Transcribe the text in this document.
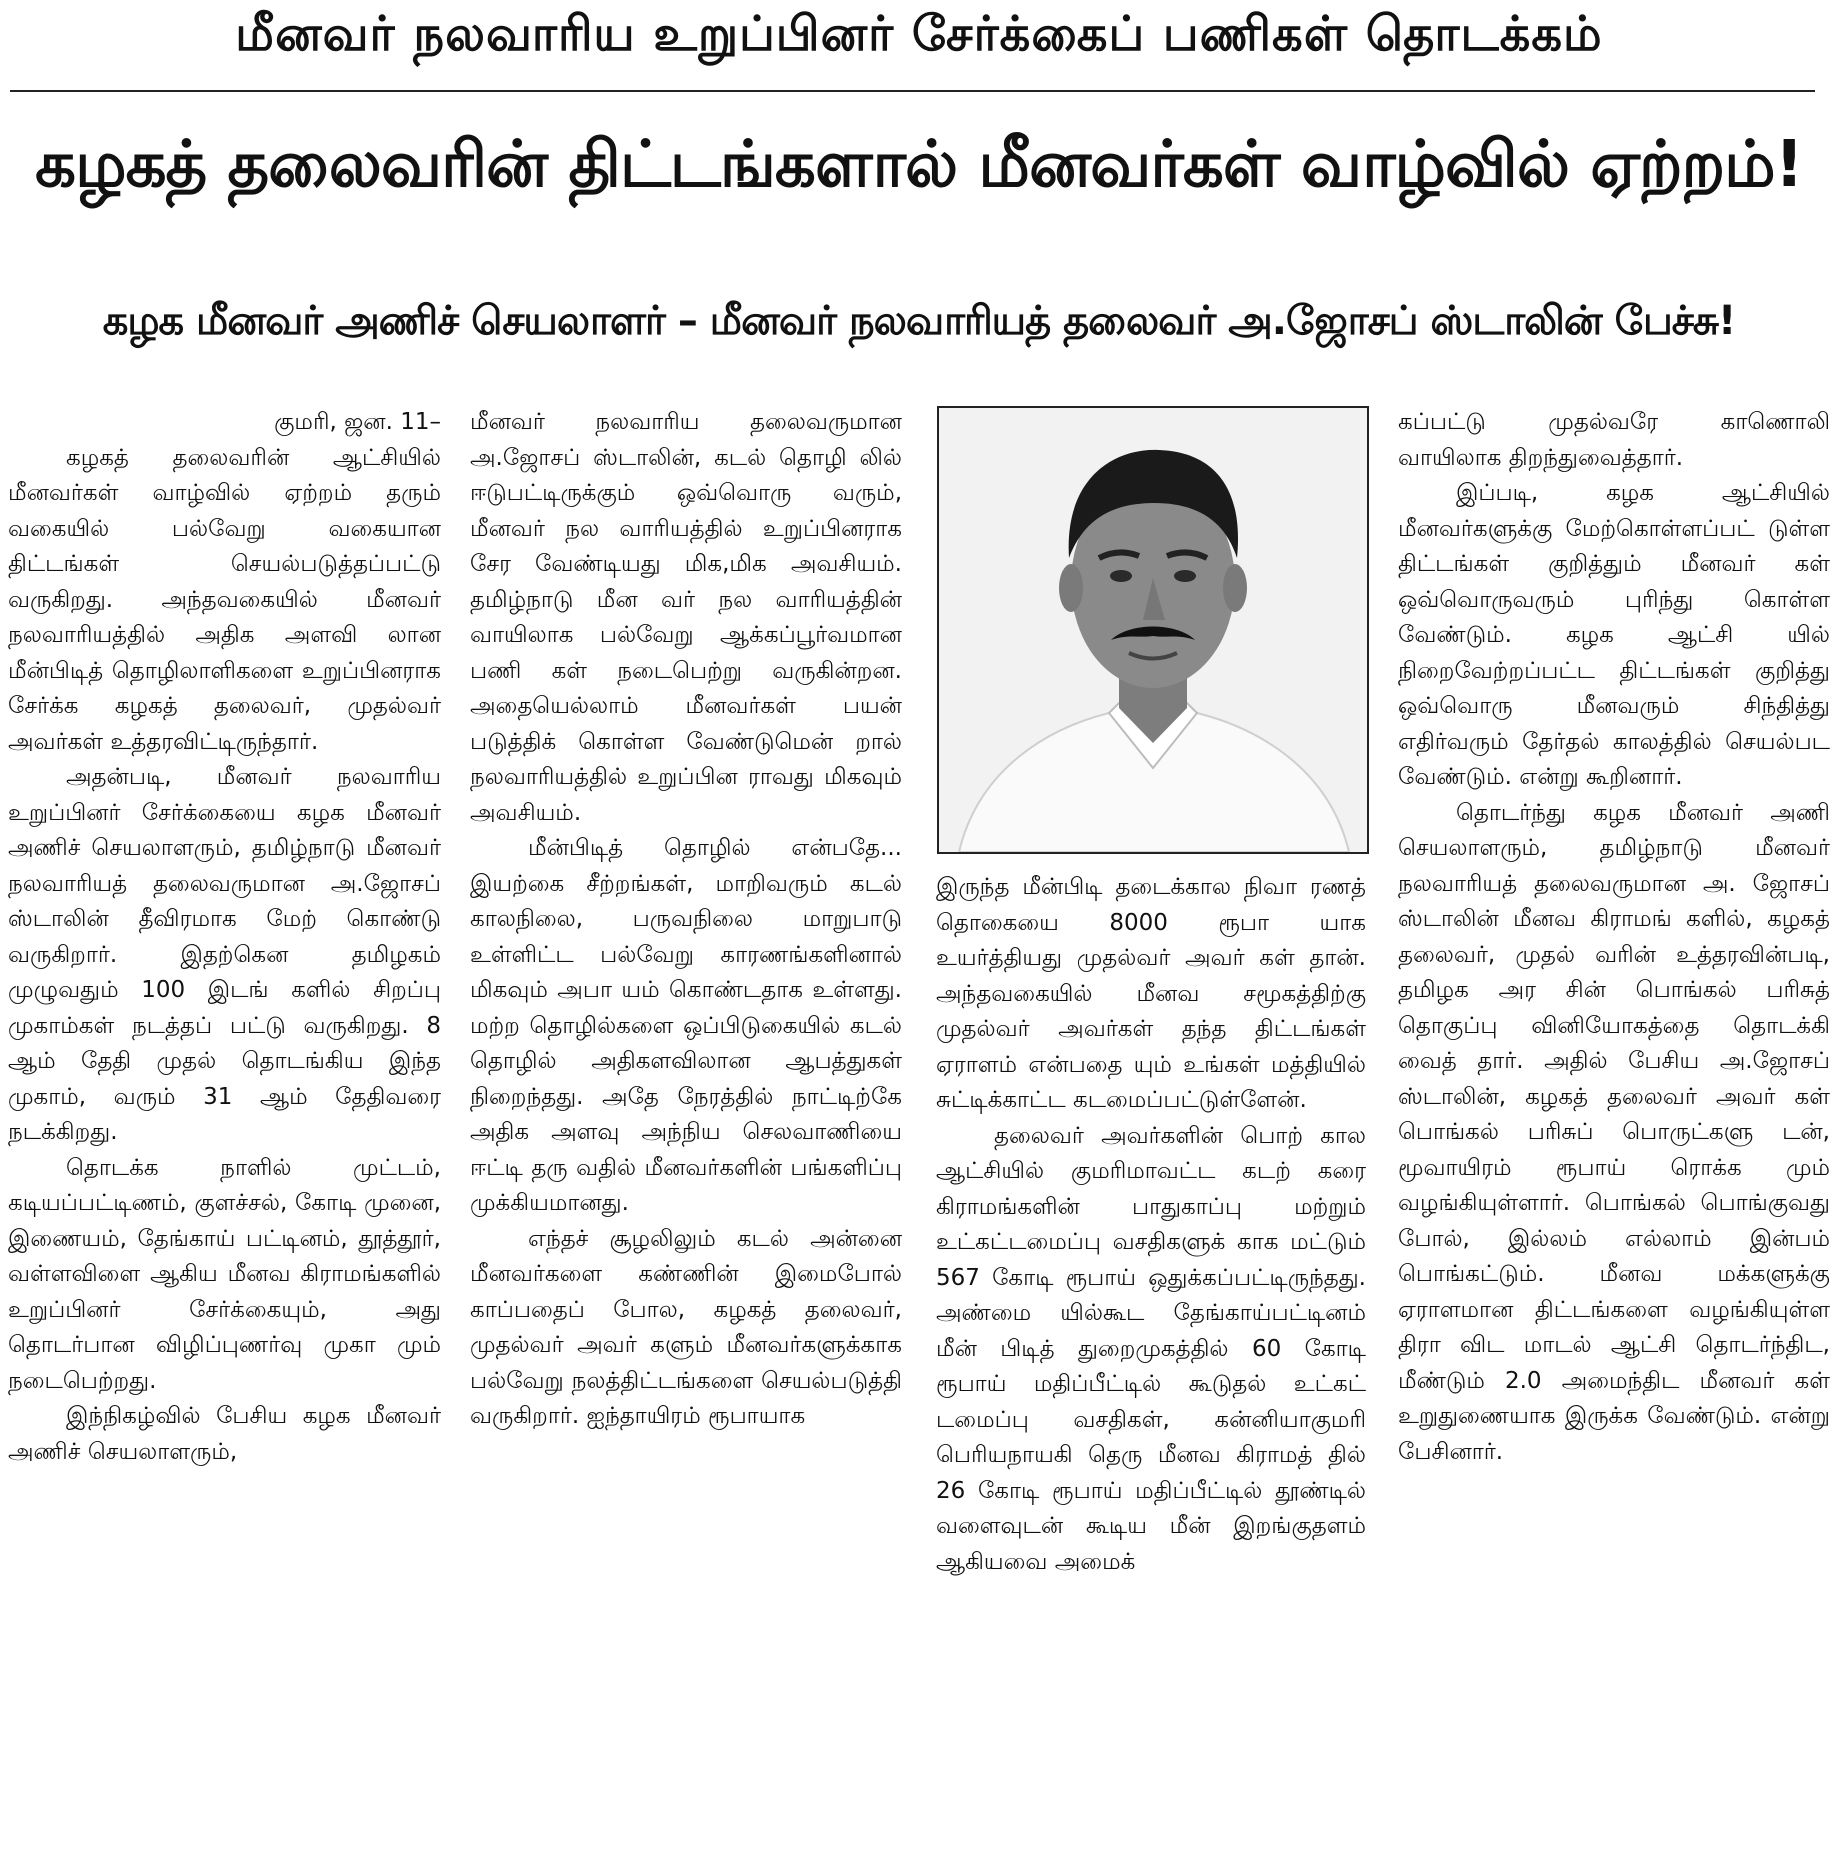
மீனவர் நலவாரிய உறுப்பினர் சேர்க்கைப் பணிகள் தொடக்கம்
கழகத் தலைவரின் திட்டங்களால் மீனவர்கள் வாழ்வில் ஏற்றம்!
கழக மீனவர் அணிச் செயலாளர் – மீனவர் நலவாரியத் தலைவர் அ.ஜோசப் ஸ்டாலின் பேச்சு!

குமரி, ஜன. 11–

கழகத் தலைவரின் ஆட்சியில் மீனவர்கள் வாழ்வில் ஏற்றம் தரும் வகையில் பல்வேறு வகையான திட்டங்கள் செயல்படுத்தப்பட்டு வருகிறது. அந்தவகையில் மீனவர் நலவாரியத்தில் அதிக அளவி லான மீன்பிடித் தொழிலாளிகளை உறுப்பினராக சேர்க்க கழகத் தலைவர், முதல்வர் அவர்கள் உத்தரவிட்டிருந்தார்.

அதன்படி, மீனவர் நலவாரிய உறுப்பினர் சேர்க்கையை கழக மீனவர் அணிச் செயலாளரும், தமிழ்நாடு மீனவர் நலவாரியத் தலைவருமான அ.ஜோசப் ஸ்டாலின் தீவிரமாக மேற் கொண்டு வருகிறார். இதற்கென தமிழகம் முழுவதும் 100 இடங் களில் சிறப்பு முகாம்கள் நடத்தப் பட்டு வருகிறது. 8 ஆம் தேதி முதல் தொடங்கிய இந்த முகாம், வரும் 31 ஆம் தேதிவரை நடக்கிறது.

தொடக்க நாளில் முட்டம், கடியப்பட்டிணம், குளச்சல், கோடி முனை, இணையம், தேங்காய் பட்டினம், தூத்தூர், வள்ளவிளை ஆகிய மீனவ கிராமங்களில் உறுப்பினர் சேர்க்கையும், அது தொடர்பான விழிப்புணர்வு முகா மும் நடைபெற்றது.

இந்நிகழ்வில் பேசிய கழக மீனவர் அணிச் செயலாளரும்,

மீனவர் நலவாரிய தலைவருமான அ.ஜோசப் ஸ்டாலின், கடல் தொழி லில் ஈடுபட்டிருக்கும் ஒவ்வொரு வரும், மீனவர் நல வாரியத்தில் உறுப்பினராக சேர வேண்டியது மிக,மிக அவசியம். தமிழ்நாடு மீன வர் நல வாரியத்தின் வாயிலாக பல்வேறு ஆக்கப்பூர்வமான பணி கள் நடைபெற்று வருகின்றன. அதையெல்லாம் மீனவர்கள் பயன் படுத்திக் கொள்ள வேண்டுமென் றால் நலவாரியத்தில் உறுப்பின ராவது மிகவும் அவசியம்.

மீன்பிடித் தொழில் என்பதே... இயற்கை சீற்றங்கள், மாறிவரும் கடல் காலநிலை, பருவநிலை மாறுபாடு உள்ளிட்ட பல்வேறு காரணங்களினால் மிகவும் அபா யம் கொண்டதாக உள்ளது. மற்ற தொழில்களை ஒப்பிடுகையில் கடல் தொழில் அதிகளவிலான ஆபத்துகள் நிறைந்தது. அதே நேரத்தில் நாட்டிற்கே அதிக அளவு அந்நிய செலவாணியை ஈட்டி தரு வதில் மீனவர்களின் பங்களிப்பு முக்கியமானது.

எந்தச் சூழலிலும் கடல் அன்னை மீனவர்களை கண்ணின் இமைபோல் காப்பதைப் போல, கழகத் தலைவர், முதல்வர் அவர் களும் மீனவர்களுக்காக பல்வேறு நலத்திட்டங்களை செயல்படுத்தி வருகிறார். ஐந்தாயிரம் ரூபாயாக

இருந்த மீன்பிடி தடைக்கால நிவா ரணத் தொகையை 8000 ரூபா யாக உயர்த்தியது முதல்வர் அவர் கள் தான். அந்தவகையில் மீனவ சமூகத்திற்கு முதல்வர் அவர்கள் தந்த திட்டங்கள் ஏராளம் என்பதை யும் உங்கள் மத்தியில் சுட்டிக்காட்ட கடமைப்பட்டுள்ளேன்.

தலைவர் அவர்களின் பொற் கால ஆட்சியில் குமரிமாவட்ட கடற் கரை கிராமங்களின் பாதுகாப்பு மற்றும் உட்கட்டமைப்பு வசதிகளுக் காக மட்டும் 567 கோடி ரூபாய் ஒதுக்கப்பட்டிருந்தது. அண்மை யில்கூட தேங்காய்பட்டினம் மீன் பிடித் துறைமுகத்தில் 60 கோடி ரூபாய் மதிப்பீட்டில் கூடுதல் உட்கட் டமைப்பு வசதிகள், கன்னியாகுமரி பெரியநாயகி தெரு மீனவ கிராமத் தில் 26 கோடி ரூபாய் மதிப்பீட்டில் தூண்டில் வளைவுடன் கூடிய மீன் இறங்குதளம் ஆகியவை அமைக்

கப்பட்டு முதல்வரே காணொலி வாயிலாக திறந்துவைத்தார்.

இப்படி, கழக ஆட்சியில் மீனவர்களுக்கு மேற்கொள்ளப்பட் டுள்ள திட்டங்கள் குறித்தும் மீனவர் கள் ஒவ்வொருவரும் புரிந்து கொள்ள வேண்டும். கழக ஆட்சி யில் நிறைவேற்றப்பட்ட திட்டங்கள் குறித்து ஒவ்வொரு மீனவரும் சிந்தித்து எதிர்வரும் தேர்தல் காலத்தில் செயல்பட வேண்டும். என்று கூறினார்.

தொடர்ந்து கழக மீனவர் அணி செயலாளரும், தமிழ்நாடு மீனவர் நலவாரியத் தலைவருமான அ. ஜோசப் ஸ்டாலின் மீனவ கிராமங் களில், கழகத் தலைவர், முதல் வரின் உத்தரவின்படி, தமிழக அர சின் பொங்கல் பரிசுத் தொகுப்பு வினியோகத்தை தொடக்கி வைத் தார். அதில் பேசிய அ.ஜோசப் ஸ்டாலின், கழகத் தலைவர் அவர் கள் பொங்கல் பரிசுப் பொருட்களு டன், மூவாயிரம் ரூபாய் ரொக்க மும் வழங்கியுள்ளார். பொங்கல் பொங்குவது போல், இல்லம் எல்லாம் இன்பம் பொங்கட்டும். மீனவ மக்களுக்கு ஏராளமான திட்டங்களை வழங்கியுள்ள திரா விட மாடல் ஆட்சி தொடர்ந்திட, மீண்டும் 2.0 அமைந்திட மீனவர் கள் உறுதுணையாக இருக்க வேண்டும். என்று பேசினார்.
